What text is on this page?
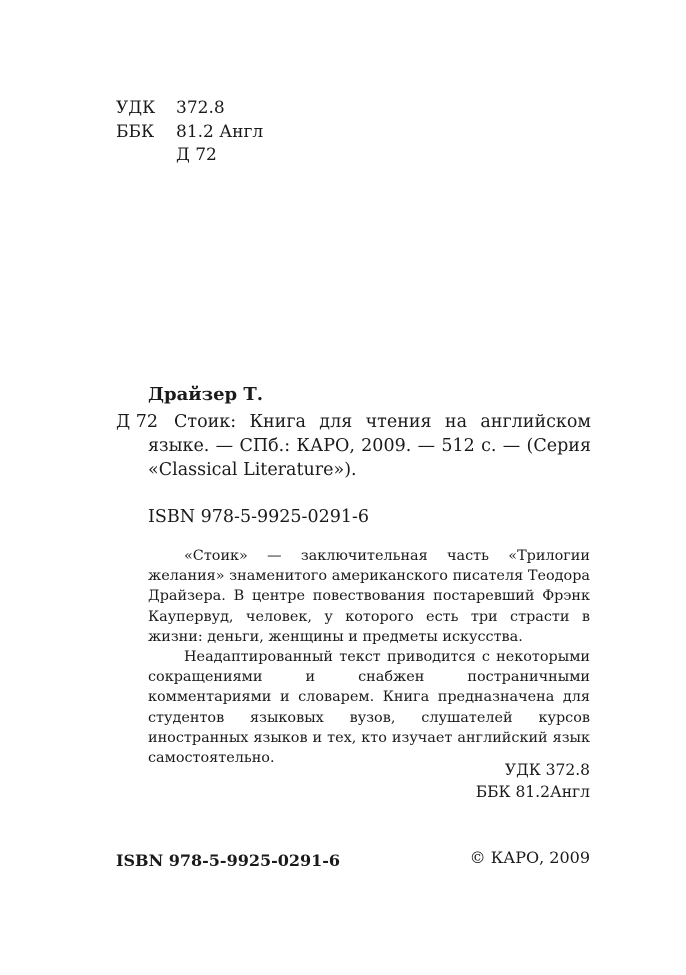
УДК	372.8
ББК	81.2 Англ
Д 72
Драйзер Т.
Д 72 Стоик: Книга для чтения на английском языке. — СПб.: КАРО, 2009. — 512 с. — (Серия «Classical Literature»).
ISBN 978-5-9925-0291-6

«Стоик» — заключительная часть «Трилогии желания» знаменитого американского писателя Теодора Драйзера. В центре повествования постаревший Фрэнк Каупервуд, человек, у которого есть три страсти в жизни: деньги, женщины и предметы искусства.

Неадаптированный текст приводится с некоторыми сокращениями и снабжен постраничными комментариями и словарем. Книга предназначена для студентов языковых вузов, слушателей курсов иностранных языков и тех, кто изучает английский язык самостоятельно.

УДК 372.8
ББК 81.2Англ
ISBN 978-5-9925-0291-6	© КАРО, 2009
